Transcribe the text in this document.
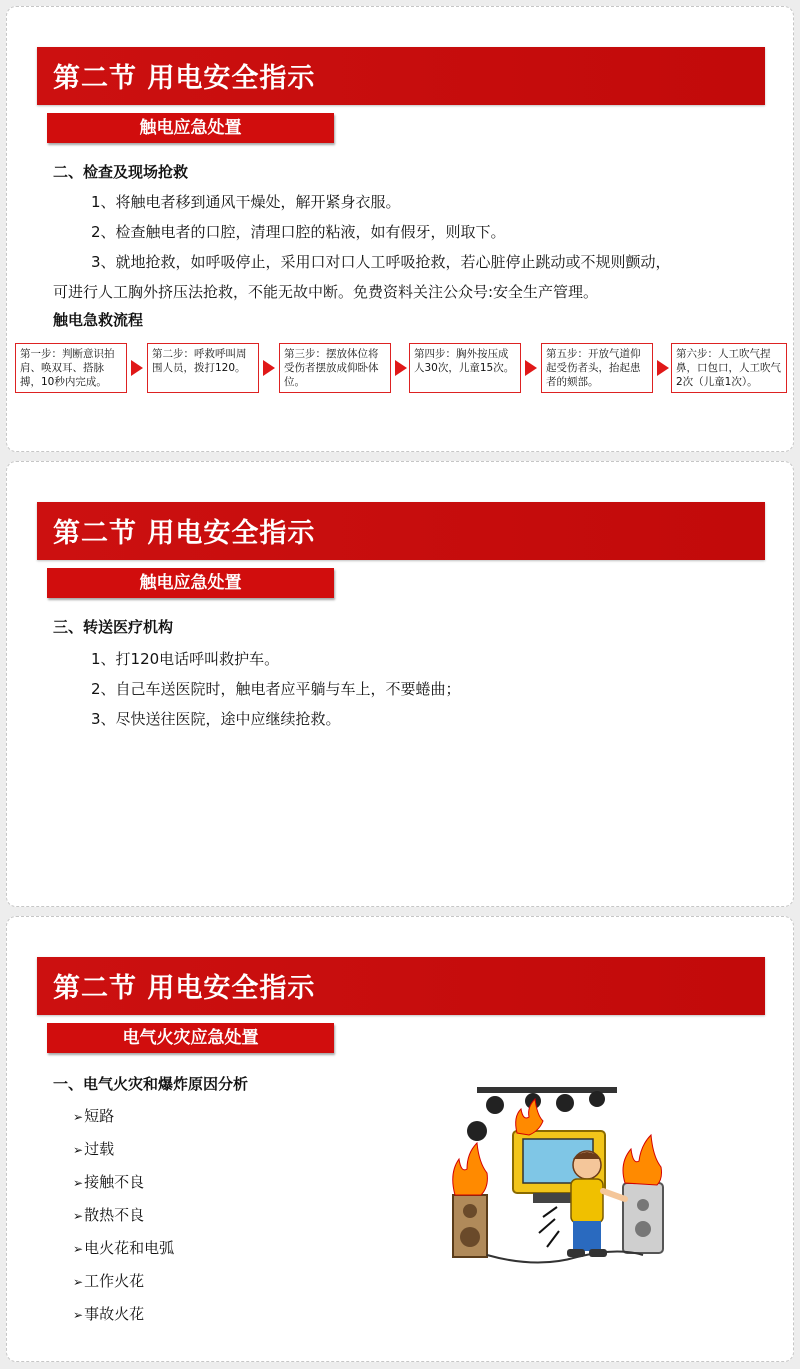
第二节 用电安全指示
触电应急处置
二、检查及现场抢救
1、将触电者移到通风干燥处，解开紧身衣服。
2、检查触电者的口腔，清理口腔的粘液，如有假牙，则取下。
3、就地抢救，如呼吸停止，采用口对口人工呼吸抢救，若心脏停止跳动或不规则颤动，
可进行人工胸外挤压法抢救，不能无故中断。免费资料关注公众号:安全生产管理。
触电急救流程
第一步：判断意识拍肩、唤双耳、搭脉搏，10秒内完成。
第二步：呼救呼叫周围人员，拨打120。
第三步：摆放体位将受伤者摆放成仰卧体位。
第四步：胸外按压成人30次，儿童15次。
第五步：开放气道仰起受伤者头，抬起患者的颏部。
第六步：人工吹气捏鼻，口包口，人工吹气2次（儿童1次）。
第二节 用电安全指示
触电应急处置
三、转送医疗机构
1、打120电话呼叫救护车。
2、自己车送医院时，触电者应平躺与车上，不要蜷曲；
3、尽快送往医院，途中应继续抢救。
第二节 用电安全指示
电气火灾应急处置
一、电气火灾和爆炸原因分析
➢短路
➢过载
➢接触不良
➢散热不良
➢电火花和电弧
➢工作火花
➢事故火花
